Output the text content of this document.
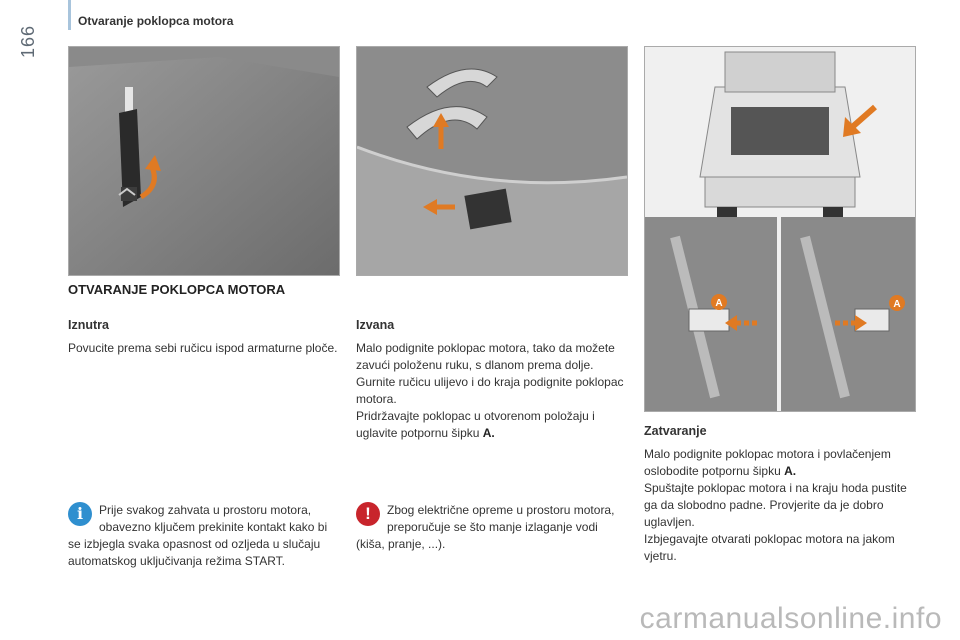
166
Otvaranje poklopca motora
A	A
OTVARANJE POKLOPCA MOTORA
Iznutra

Povucite prema sebi ručicu ispod armaturne ploče.

Izvana
Malo podignite poklopac motora, tako da možete zavući položenu ruku, s dlanom prema dolje.
Gurnite ručicu ulijevo i do kraja podignite poklopac motora.
Pridržavajte poklopac u otvorenom položaju i uglavite potpornu šipku A.	Zatvaranje
Malo podignite poklopac motora i povlačenjem oslobodite potpornu šipku A.
Spuštajte poklopac motora i na kraju hoda pustite ga da slobodno padne. Provjerite da je dobro uglavljen.
Izbjegavajte otvarati poklopac motora na jakom vjetru.
i	Prije svakog zahvata u prostoru motora, obavezno ključem prekinite kontakt kako bi se izbjegla svaka opasnost od ozljeda u slučaju automatskog uključivanja režima START.
!	Zbog električne opreme u prostoru motora, preporučuje se što manje izlaganje vodi (kiša, pranje, ...).
carmanualsonline.info
